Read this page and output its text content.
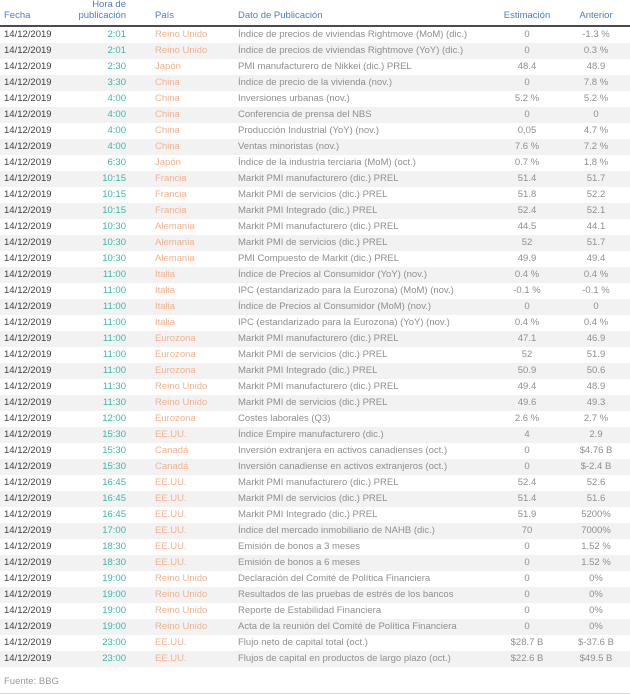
Fecha	Hora de publicación	País	Dato de Publicación	Estimación	Anterior
14/12/2019	2:01	Reino Unido	Índice de precios de viviendas Rightmove (MoM) (dic.)	0	-1.3 %
14/12/2019	2:01	Reino Unido	Índice de precios de viviendas Rightmove (YoY) (dic.)	0	0.3 %
14/12/2019	2:30	Japón	PMI manufacturero de Nikkei (dic.) PREL	48.4	48.9
14/12/2019	3:30	China	Índice de precio de la vivienda (nov.)	0	7.8 %
14/12/2019	4:00	China	Inversiones urbanas (nov.)	5.2 %	5.2 %
14/12/2019	4:00	China	Conferencia de prensa del NBS	0	0
14/12/2019	4:00	China	Producción Industrial (YoY) (nov.)	0,05	4.7 %
14/12/2019	4:00	China	Ventas minoristas (nov.)	7.6 %	7.2 %
14/12/2019	6:30	Japón	Índice de la industria terciaria (MoM) (oct.)	0.7 %	1.8 %
14/12/2019	10:15	Francia	Markit PMI manufacturero (dic.) PREL	51.4	51.7
14/12/2019	10:15	Francia	Markit PMI de servicios (dic.) PREL	51.8	52.2
14/12/2019	10:15	Francia	Markit PMI Integrado (dic.) PREL	52.4	52.1
14/12/2019	10:30	Alemania	Markit PMI manufacturero (dic.) PREL	44.5	44.1
14/12/2019	10:30	Alemania	Markit PMI de servicios (dic.) PREL	52	51.7
14/12/2019	10:30	Alemania	PMI Compuesto de Markit (dic.) PREL	49.9	49.4
14/12/2019	11:00	Italia	Índice de Precios al Consumidor (YoY) (nov.)	0.4 %	0.4 %
14/12/2019	11:00	Italia	IPC (estandarizado para la Eurozona) (MoM) (nov.)	-0.1 %	-0.1 %
14/12/2019	11:00	Italia	Índice de Precios al Consumidor (MoM) (nov.)	0	0
14/12/2019	11:00	Italia	IPC (estandarizado para la Eurozona) (YoY) (nov.)	0.4 %	0.4 %
14/12/2019	11:00	Eurozona	Markit PMI manufacturero (dic.) PREL	47.1	46.9
14/12/2019	11:00	Eurozona	Markit PMI de servicios (dic.) PREL	52	51.9
14/12/2019	11:00	Eurozona	Markit PMI Integrado (dic.) PREL	50.9	50.6
14/12/2019	11:30	Reino Unido	Markit PMI manufacturero (dic.) PREL	49.4	48.9
14/12/2019	11:30	Reino Unido	Markit PMI de servicios (dic.) PREL	49.6	49.3
14/12/2019	12:00	Eurozona	Costes laborales (Q3)	2.6 %	2.7 %
14/12/2019	15:30	EE.UU.	Índice Empire manufacturero (dic.)	4	2.9
14/12/2019	15:30	Canadá	Inversión extranjera en activos canadienses (oct.)	0	$4.76 B
14/12/2019	15:30	Canadá	Inversión canadiense en activos extranjeros (oct.)	0	$-2.4 B
14/12/2019	16:45	EE.UU.	Markit PMI manufacturero (dic.) PREL	52.4	52.6
14/12/2019	16:45	EE.UU.	Markit PMI de servicios (dic.) PREL	51.4	51.6
14/12/2019	16:45	EE.UU.	Markit PMI Integrado (dic.) PREL	51.9	5200%
14/12/2019	17:00	EE.UU.	Índice del mercado inmobiliario de NAHB (dic.)	70	7000%
14/12/2019	18:30	EE.UU.	Emisión de bonos a 3 meses	0	1.52 %
14/12/2019	18:30	EE.UU.	Emisión de bonos a 6 meses	0	1.52 %
14/12/2019	19:00	Reino Unido	Declaración del Comité de Política Financiera	0	0%
14/12/2019	19:00	Reino Unido	Resultados de las pruebas de estrés de los bancos	0	0%
14/12/2019	19:00	Reino Unido	Reporte de Estabilidad Financiera	0	0%
14/12/2019	19:00	Reino Unido	Acta de la reunión del Comité de Política Financiera	0	0%
14/12/2019	23:00	EE.UU.	Flujo neto de capital total (oct.)	$28.7 B	$-37.6 B
14/12/2019	23:00	EE.UU.	Flujos de capital en productos de largo plazo (oct.)	$22.6 B	$49.5 B
Fuente: BBG
